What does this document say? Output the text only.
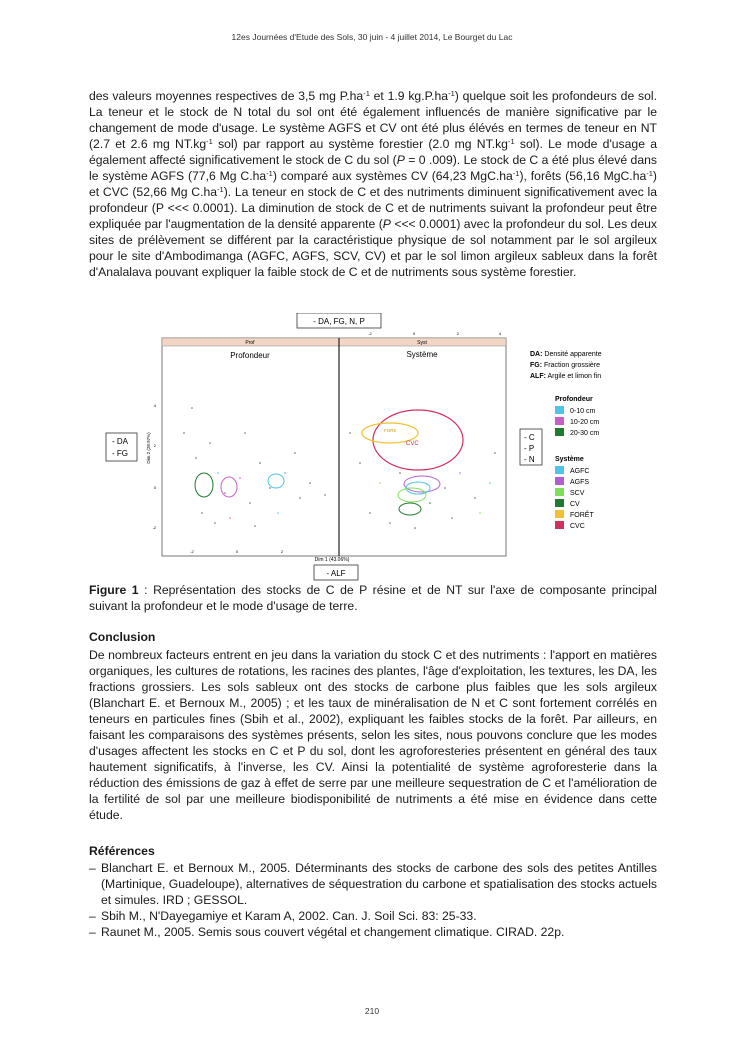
12es Journées d'Etude des Sols, 30 juin - 4 juillet 2014, Le Bourget du Lac

des valeurs moyennes respectives de 3,5 mg $P.ha^{-1}$ et 1.9 $kg.P.ha^{-1}$) quelque soit les profondeurs de sol. La teneur et le stock de N total du sol ont été également influencés de manière significative par le changement de mode d'usage. Le système AGFS et CV ont été plus élévés en termes de teneur en NT (2.7 et 2.6 mg $NT.kg^{-1}$ sol) par rapport au système forestier (2.0 mg $NT.kg^{-1}$ sol). Le mode d'usage a également affecté significativement le stock de C du sol (P = 0 .009). Le stock de C a été plus élevé dans le système AGFS (77,6 Mg $C.ha^{-1}$) comparé aux systèmes CV (64,23 $MgC.ha^{-1}$), forêts (56,16 $MgC.ha^{-1}$) et CVC (52,66 Mg $C.ha^{-1}$). La teneur en stock de C et des nutriments diminuent significativement avec la profondeur (P <<< 0.0001). La diminution de stock de C et de nutriments suivant la profondeur peut être expliquée par l'augmentation de la densité apparente (P <<< 0.0001) avec la profondeur du sol. Les deux sites de prélèvement se différent par la caractéristique physique de sol notamment par le sol argileux pour le site d'Ambodimanga (AGFC, AGFS, SCV, CV) et par le sol limon argileux sableux dans la forêt d'Analalava pouvant expliquer la faible stock de C et de nutriments sous système forestier.

- DA, FG, N, P
- DA
- FG
- C
- P
- N
- ALF
Prof	Syst
Profondeur	Système
4
2
0
-2
-2	0	2
-2	0	2	4
Dim 1 (43.06%)
Dim 2 (28.97%)
FORE
CVC
DA: Densité apparente
FG: Fraction grossière
ALF: Argile et limon fin
Profondeur
0-10 cm
10-20 cm
20-30 cm
Système
AGFC
AGFS
SCV
CV
FORÊT
CVC

Figure 1 : Représentation des stocks de C de P résine et de NT sur l'axe de composante principal suivant la profondeur et le mode d'usage de terre.

Conclusion

De nombreux facteurs entrent en jeu dans la variation du stock C et des nutriments : l'apport en matières organiques, les cultures de rotations, les racines des plantes, l'âge d'exploitation, les textures, les DA, les fractions grossiers. Les sols sableux ont des stocks de carbone plus faibles que les sols argileux (Blanchart E. et Bernoux M., 2005) ; et les taux de minéralisation de N et C sont fortement corrélés en teneurs en particules fines (Sbih et al., 2002), expliquant les faibles stocks de la forêt. Par ailleurs, en faisant les comparaisons des systèmes présents, selon les sites, nous pouvons conclure que les modes d'usages affectent les stocks en C et P du sol, dont les agroforesteries présentent en général des taux hautement significatifs, à l'inverse, les CV. Ainsi la potentialité de système agroforesterie dans la réduction des émissions de gaz à effet de serre par une meilleure sequestration de C et l'amélioration de la fertilité de sol par une meilleure biodisponibilité de nutriments a été mise en évidence dans cette étude.

Références
– Blanchart E. et Bernoux M., 2005. Déterminants des stocks de carbone des sols des petites Antilles (Martinique, Guadeloupe), alternatives de séquestration du carbone et spatialisation des stocks actuels et simules. IRD ; GESSOL.
– Sbih M., N'Dayegamiye et Karam A, 2002. Can. J. Soil Sci. 83: 25-33.
– Raunet M., 2005. Semis sous couvert végétal et changement climatique. CIRAD. 22p.
210
